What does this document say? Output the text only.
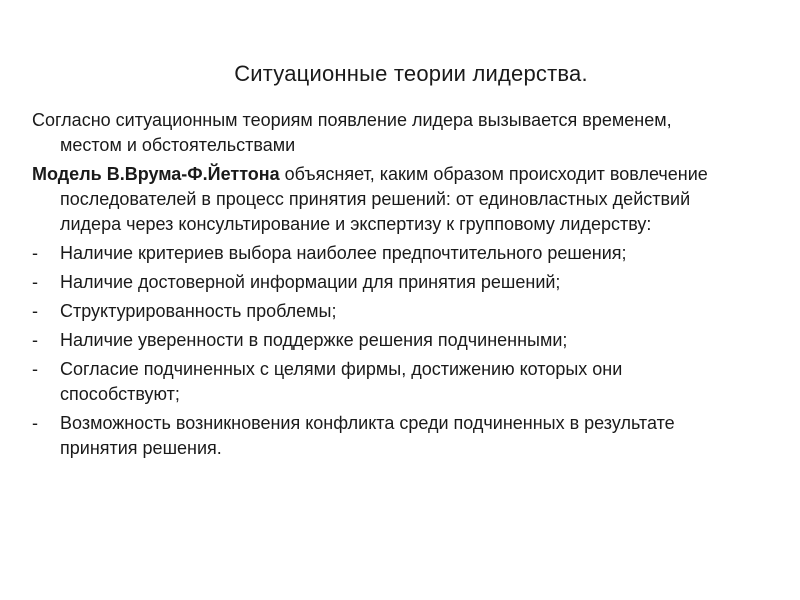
Ситуационные теории лидерства.

Согласно ситуационным теориям появление лидера вызывается временем, местом и обстоятельствами

Модель В.Врума-Ф.Йеттона объясняет, каким образом происходит вовлечение последователей в процесс принятия решений: от единовластных действий лидера через консультирование и экспертизу к групповому лидерству:

-	Наличие критериев выбора наиболее предпочтительного решения;
-	Наличие достоверной информации для принятия решений;
-	Структурированность проблемы;
-	Наличие уверенности в поддержке решения подчиненными;
-	Согласие подчиненных с целями фирмы, достижению которых они способствуют;
-	Возможность возникновения конфликта среди подчиненных в результате принятия решения.
